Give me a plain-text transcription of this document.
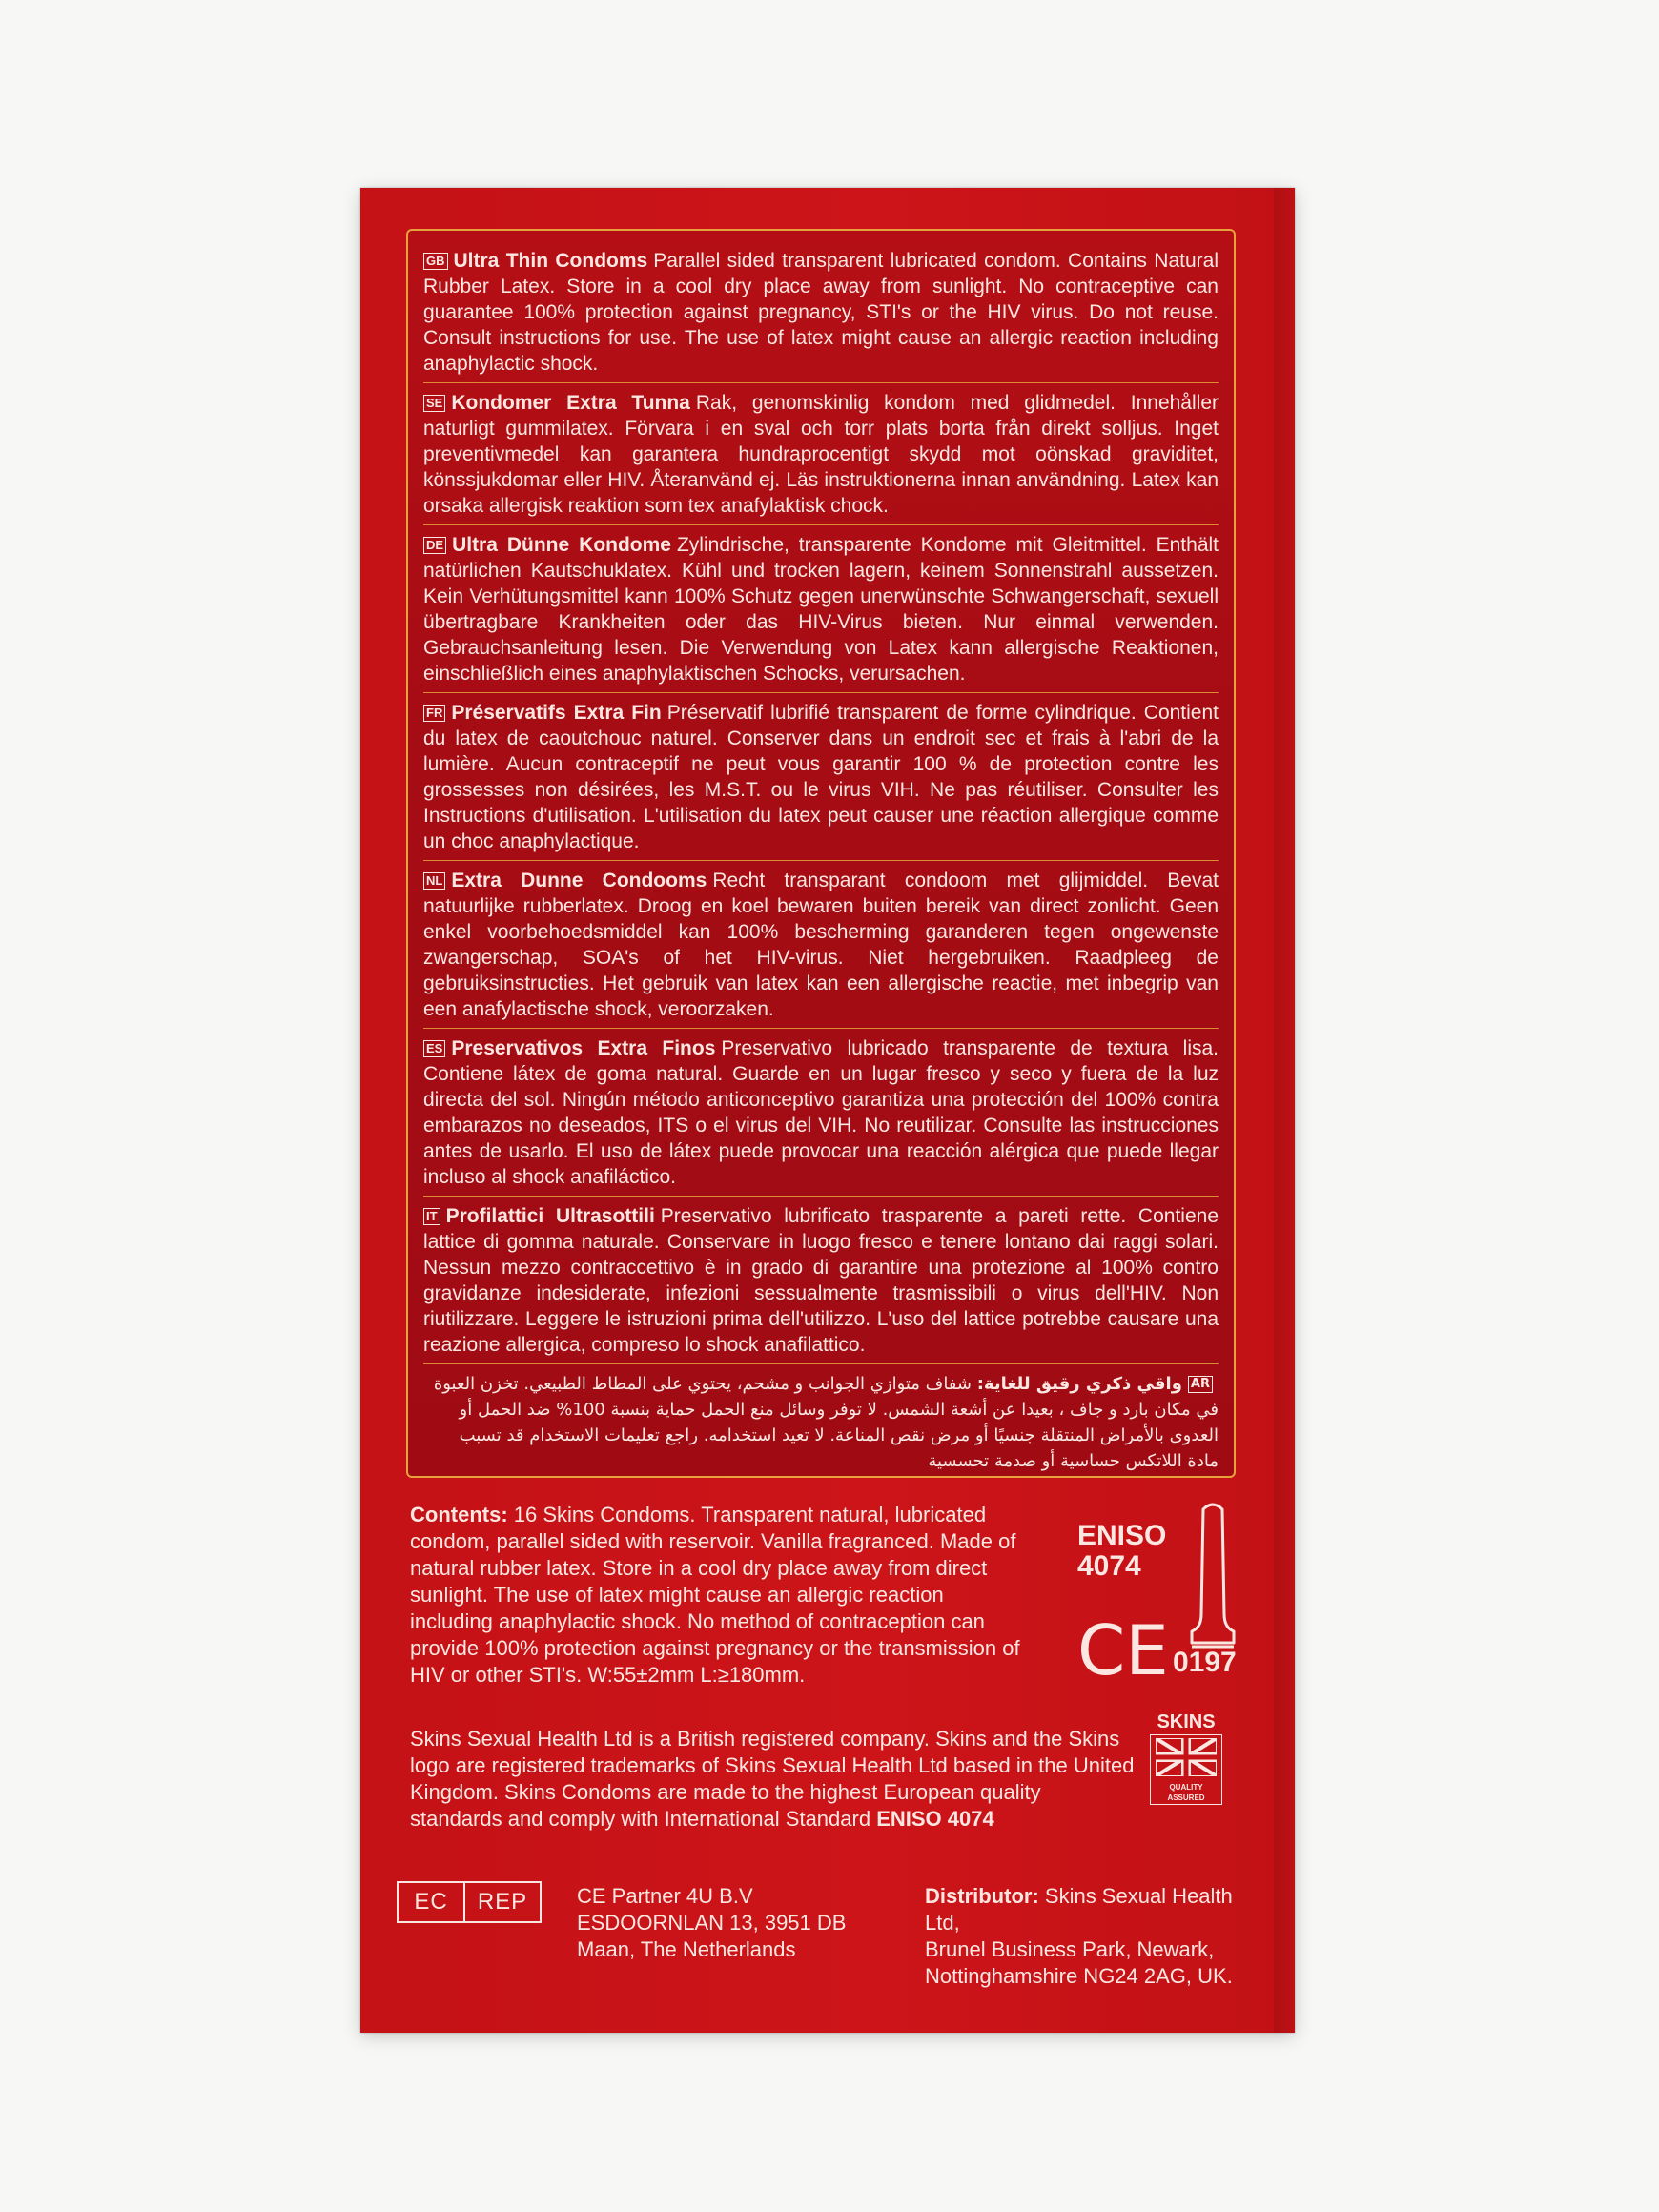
GB Ultra Thin Condoms Parallel sided transparent lubricated condom. Contains Natural Rubber Latex. Store in a cool dry place away from sunlight. No contraceptive can guarantee 100% protection against pregnancy, STI's or the HIV virus. Do not reuse. Consult instructions for use. The use of latex might cause an allergic reaction including anaphylactic shock.
SE Kondomer Extra Tunna Rak, genomskinlig kondom med glidmedel. Innehåller naturligt gummilatex. Förvara i en sval och torr plats borta från direkt solljus. Inget preventivmedel kan garantera hundraprocentigt skydd mot oönskad graviditet, könssjukdomar eller HIV. Återanvänd ej. Läs instruktionerna innan användning. Latex kan orsaka allergisk reaktion som tex anafylaktisk chock.
DE Ultra Dünne Kondome Zylindrische, transparente Kondome mit Gleitmittel. Enthält natürlichen Kautschuklatex. Kühl und trocken lagern, keinem Sonnenstrahl aussetzen. Kein Verhütungsmittel kann 100% Schutz gegen unerwünschte Schwangerschaft, sexuell übertragbare Krankheiten oder das HIV-Virus bieten. Nur einmal verwenden. Gebrauchsanleitung lesen. Die Verwendung von Latex kann allergische Reaktionen, einschließlich eines anaphylaktischen Schocks, verursachen.
FR Préservatifs Extra Fin Préservatif lubrifié transparent de forme cylindrique. Contient du latex de caoutchouc naturel. Conserver dans un endroit sec et frais à l'abri de la lumière. Aucun contraceptif ne peut vous garantir 100 % de protection contre les grossesses non désirées, les M.S.T. ou le virus VIH. Ne pas réutiliser. Consulter les Instructions d'utilisation. L'utilisation du latex peut causer une réaction allergique comme un choc anaphylactique.
NL Extra Dunne Condooms Recht transparant condoom met glijmiddel. Bevat natuurlijke rubberlatex. Droog en koel bewaren buiten bereik van direct zonlicht. Geen enkel voorbehoedsmiddel kan 100% bescherming garanderen tegen ongewenste zwangerschap, SOA's of het HIV-virus. Niet hergebruiken. Raadpleeg de gebruiksinstructies. Het gebruik van latex kan een allergische reactie, met inbegrip van een anafylactische shock, veroorzaken.
ES Preservativos Extra Finos Preservativo lubricado transparente de textura lisa. Contiene látex de goma natural. Guarde en un lugar fresco y seco y fuera de la luz directa del sol. Ningún método anticonceptivo garantiza una protección del 100% contra embarazos no deseados, ITS o el virus del VIH. No reutilizar. Consulte las instrucciones antes de usarlo. El uso de látex puede provocar una reacción alérgica que puede llegar incluso al shock anafiláctico.
IT Profilattici Ultrasottili Preservativo lubrificato trasparente a pareti rette. Contiene lattice di gomma naturale. Conservare in luogo fresco e tenere lontano dai raggi solari. Nessun mezzo contraccettivo è in grado di garantire una protezione al 100% contro gravidanze indesiderate, infezioni sessualmente trasmissibili o virus dell'HIV. Non riutilizzare. Leggere le istruzioni prima dell'utilizzo. L'uso del lattice potrebbe causare una reazione allergica, compreso lo shock anafilattico.
ARواقي ذكري رقيق للغاية: شفاف متوازي الجوانب و مشحم، يحتوي على المطاط الطبيعي. تخزن العبوة في مكان بارد و جاف ، بعيدا عن أشعة الشمس. لا توفر وسائل منع الحمل حماية بنسبة 100% ضد الحمل أو العدوى بالأمراض المنتقلة جنسيًا أو مرض نقص المناعة. لا تعيد استخدامه. راجع تعليمات الاستخدام قد تسبب مادة اللاتكس حساسية أو صدمة تحسسية
Contents: 16 Skins Condoms. Transparent natural, lubricated condom, parallel sided with reservoir. Vanilla fragranced. Made of natural rubber latex. Store in a cool dry place away from direct sunlight. The use of latex might cause an allergic reaction including anaphylactic shock. No method of contraception can provide 100% protection against pregnancy or the transmission of HIV or other STI's. W:55±2mm L:≥180mm.
Skins Sexual Health Ltd is a British registered company. Skins and the Skins logo are registered trademarks of Skins Sexual Health Ltd based in the United Kingdom. Skins Condoms are made to the highest European quality standards and comply with International Standard ENISO 4074
EC	REP	CE Partner 4U B.V
ESDOORNLAN 13, 3951 DB
Maan, The Netherlands
Distributor: Skins Sexual Health Ltd,
Brunel Business Park, Newark,
Nottinghamshire NG24 2AG, UK.
ENISO
4074
CE 0197
SKINS
QUALITY
ASSURED
